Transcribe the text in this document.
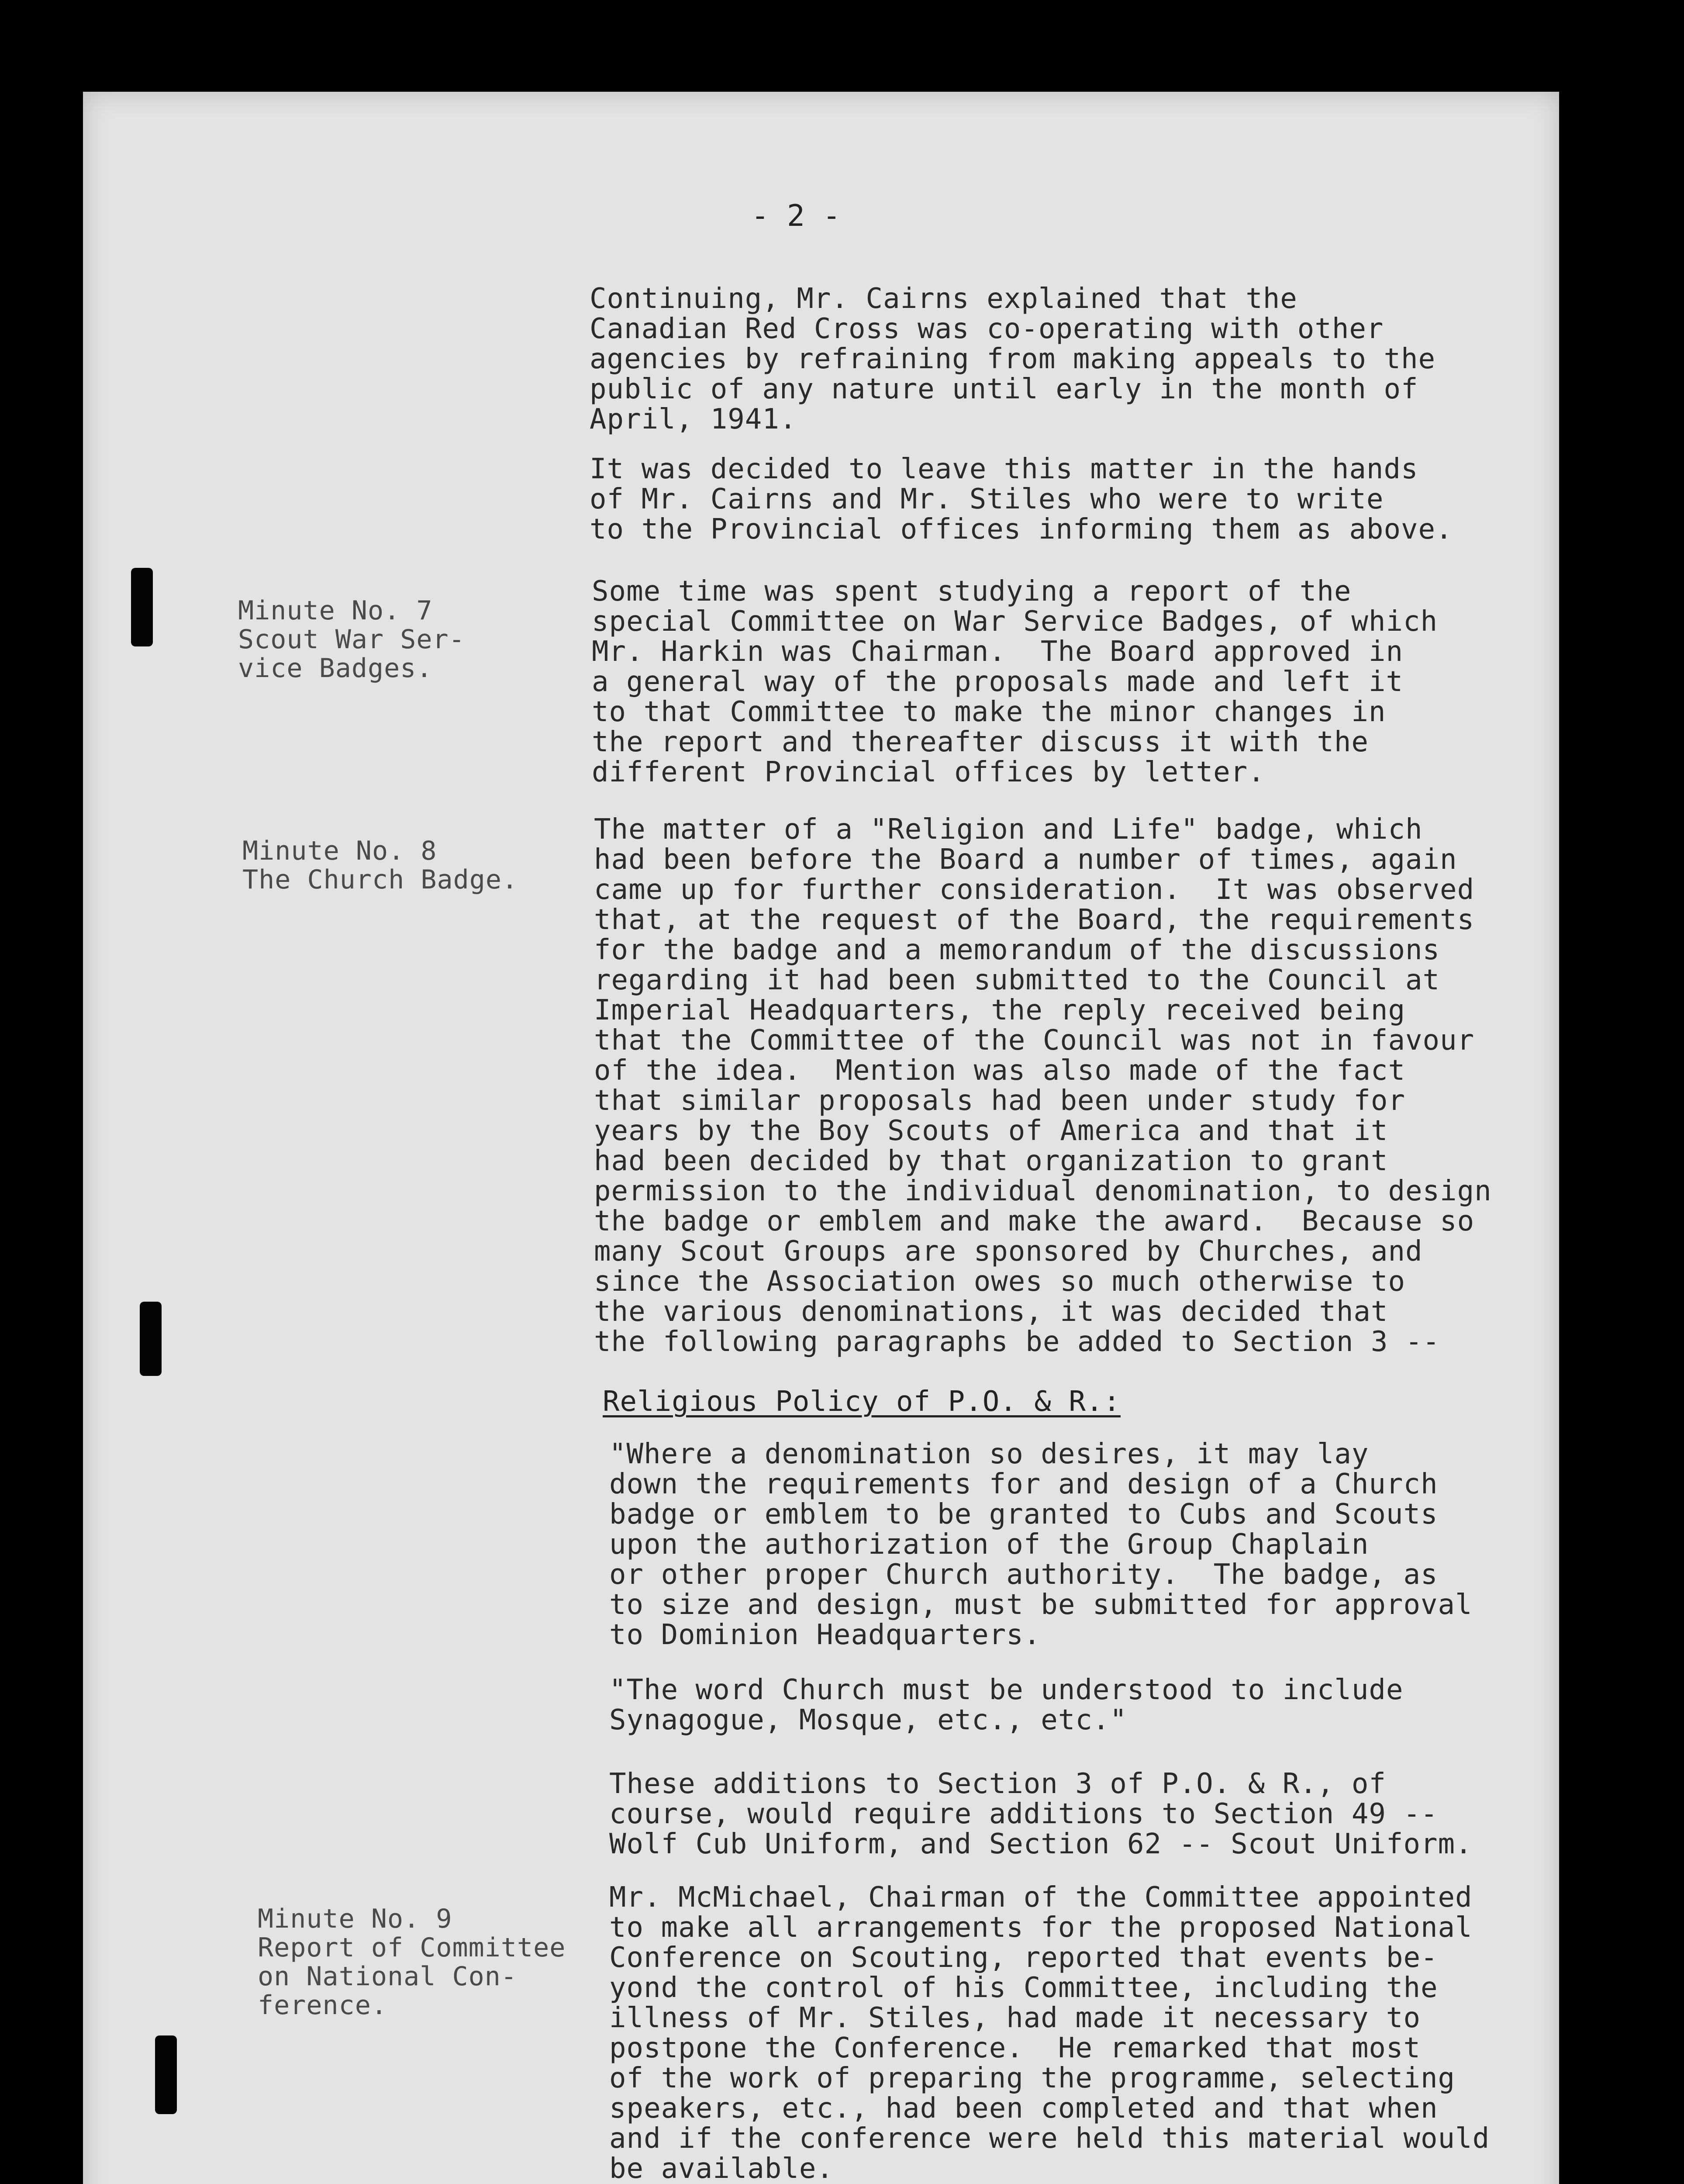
- 2 -
Continuing, Mr. Cairns explained that the
Canadian Red Cross was co-operating with other
agencies by refraining from making appeals to the
public of any nature until early in the month of
April, 1941.
It was decided to leave this matter in the hands
of Mr. Cairns and Mr. Stiles who were to write
to the Provincial offices informing them as above.
Minute No. 7
Scout War Ser-
vice Badges.
Some time was spent studying a report of the
special Committee on War Service Badges, of which
Mr. Harkin was Chairman.  The Board approved in
a general way of the proposals made and left it
to that Committee to make the minor changes in
the report and thereafter discuss it with the
different Provincial offices by letter.
Minute No. 8
The Church Badge.
The matter of a "Religion and Life" badge, which
had been before the Board a number of times, again
came up for further consideration.  It was observed
that, at the request of the Board, the requirements
for the badge and a memorandum of the discussions
regarding it had been submitted to the Council at
Imperial Headquarters, the reply received being
that the Committee of the Council was not in favour
of the idea.  Mention was also made of the fact
that similar proposals had been under study for
years by the Boy Scouts of America and that it
had been decided by that organization to grant
permission to the individual denomination, to design
the badge or emblem and make the award.  Because so
many Scout Groups are sponsored by Churches, and
since the Association owes so much otherwise to
the various denominations, it was decided that
the following paragraphs be added to Section 3 --
Religious Policy of P.O. & R.:
"Where a denomination so desires, it may lay
down the requirements for and design of a Church
badge or emblem to be granted to Cubs and Scouts
upon the authorization of the Group Chaplain
or other proper Church authority.  The badge, as
to size and design, must be submitted for approval
to Dominion Headquarters.
"The word Church must be understood to include
Synagogue, Mosque, etc., etc."
These additions to Section 3 of P.O. & R., of
course, would require additions to Section 49 --
Wolf Cub Uniform, and Section 62 -- Scout Uniform.
Minute No. 9
Report of Committee
on National Con-
ference.
Mr. McMichael, Chairman of the Committee appointed
to make all arrangements for the proposed National
Conference on Scouting, reported that events be-
yond the control of his Committee, including the
illness of Mr. Stiles, had made it necessary to
postpone the Conference.  He remarked that most
of the work of preparing the programme, selecting
speakers, etc., had been completed and that when
and if the conference were held this material would
be available.
